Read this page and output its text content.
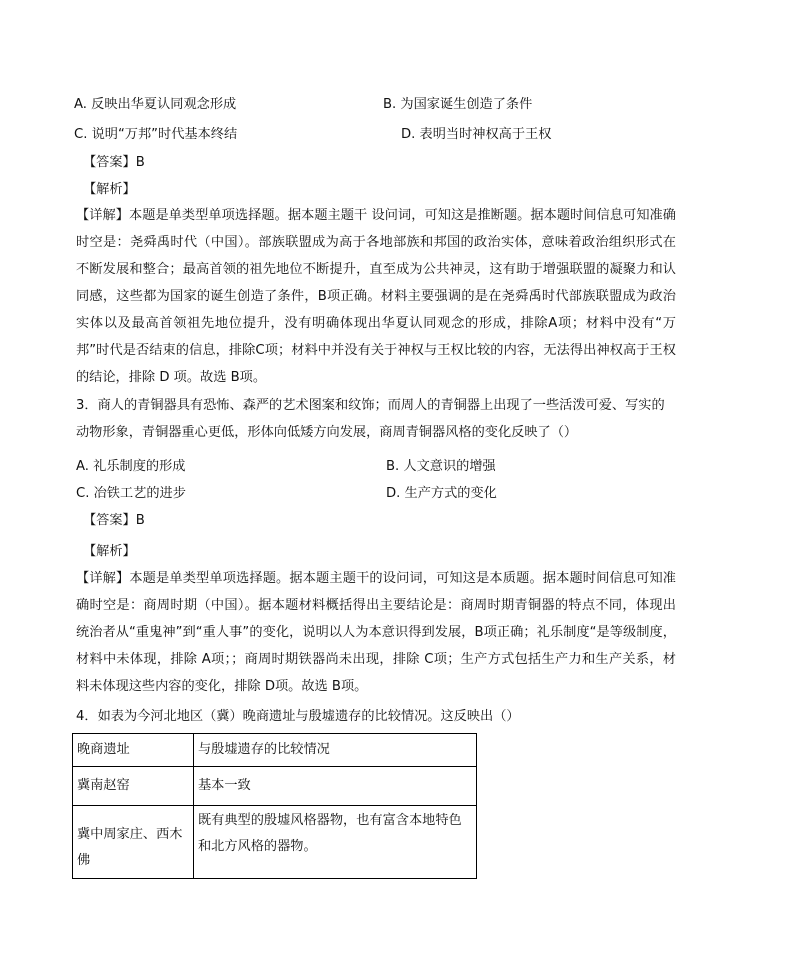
A. 反映出华夏认同观念形成	B. 为国家诞生创造了条件
C. 说明“万邦”时代基本终结	D. 表明当时神权高于王权
【答案】B
【解析】
【详解】本题是单类型单项选择题。据本题主题干 设问词，可知这是推断题。据本题时间信息可知准确时空是：尧舜禹时代（中国）。部族联盟成为高于各地部族和邦国的政治实体，意味着政治组织形式在不断发展和整合；最高首领的祖先地位不断提升，直至成为公共神灵，这有助于增强联盟的凝聚力和认同感，这些都为国家的诞生创造了条件，B项正确。材料主要强调的是在尧舜禹时代部族联盟成为政治实体以及最高首领祖先地位提升，没有明确体现出华夏认同观念的形成，排除A项；材料中没有“万邦”时代是否结束的信息，排除C项；材料中并没有关于神权与王权比较的内容，无法得出神权高于王权的结论，排除 D 项。故选 B项。
3．商人的青铜器具有恐怖、森严的艺术图案和纹饰；而周人的青铜器上出现了一些活泼可爱、写实的动物形象，青铜器重心更低，形体向低矮方向发展，商周青铜器风格的变化反映了（）
A. 礼乐制度的形成	B. 人文意识的增强
C. 冶铁工艺的进步	D. 生产方式的变化
【答案】B
【解析】
【详解】本题是单类型单项选择题。据本题主题干的设问词，可知这是本质题。据本题时间信息可知准确时空是：商周时期（中国）。据本题材料概括得出主要结论是：商周时期青铜器的特点不同，体现出统治者从“重鬼神”到“重人事”的变化，说明以人为本意识得到发展，B项正确；礼乐制度“是等级制度，材料中未体现，排除 A项；；商周时期铁器尚未出现，排除 C项；生产方式包括生产力和生产关系，材料未体现这些内容的变化，排除 D项。故选 B项。
4．如表为今河北地区（冀）晚商遗址与殷墟遗存的比较情况。这反映出（）
晚商遗址	与殷墟遗存的比较情况
冀南赵窑	基本一致
冀中周家庄、西木佛	既有典型的殷墟风格器物，也有富含本地特色和北方风格的器物。
